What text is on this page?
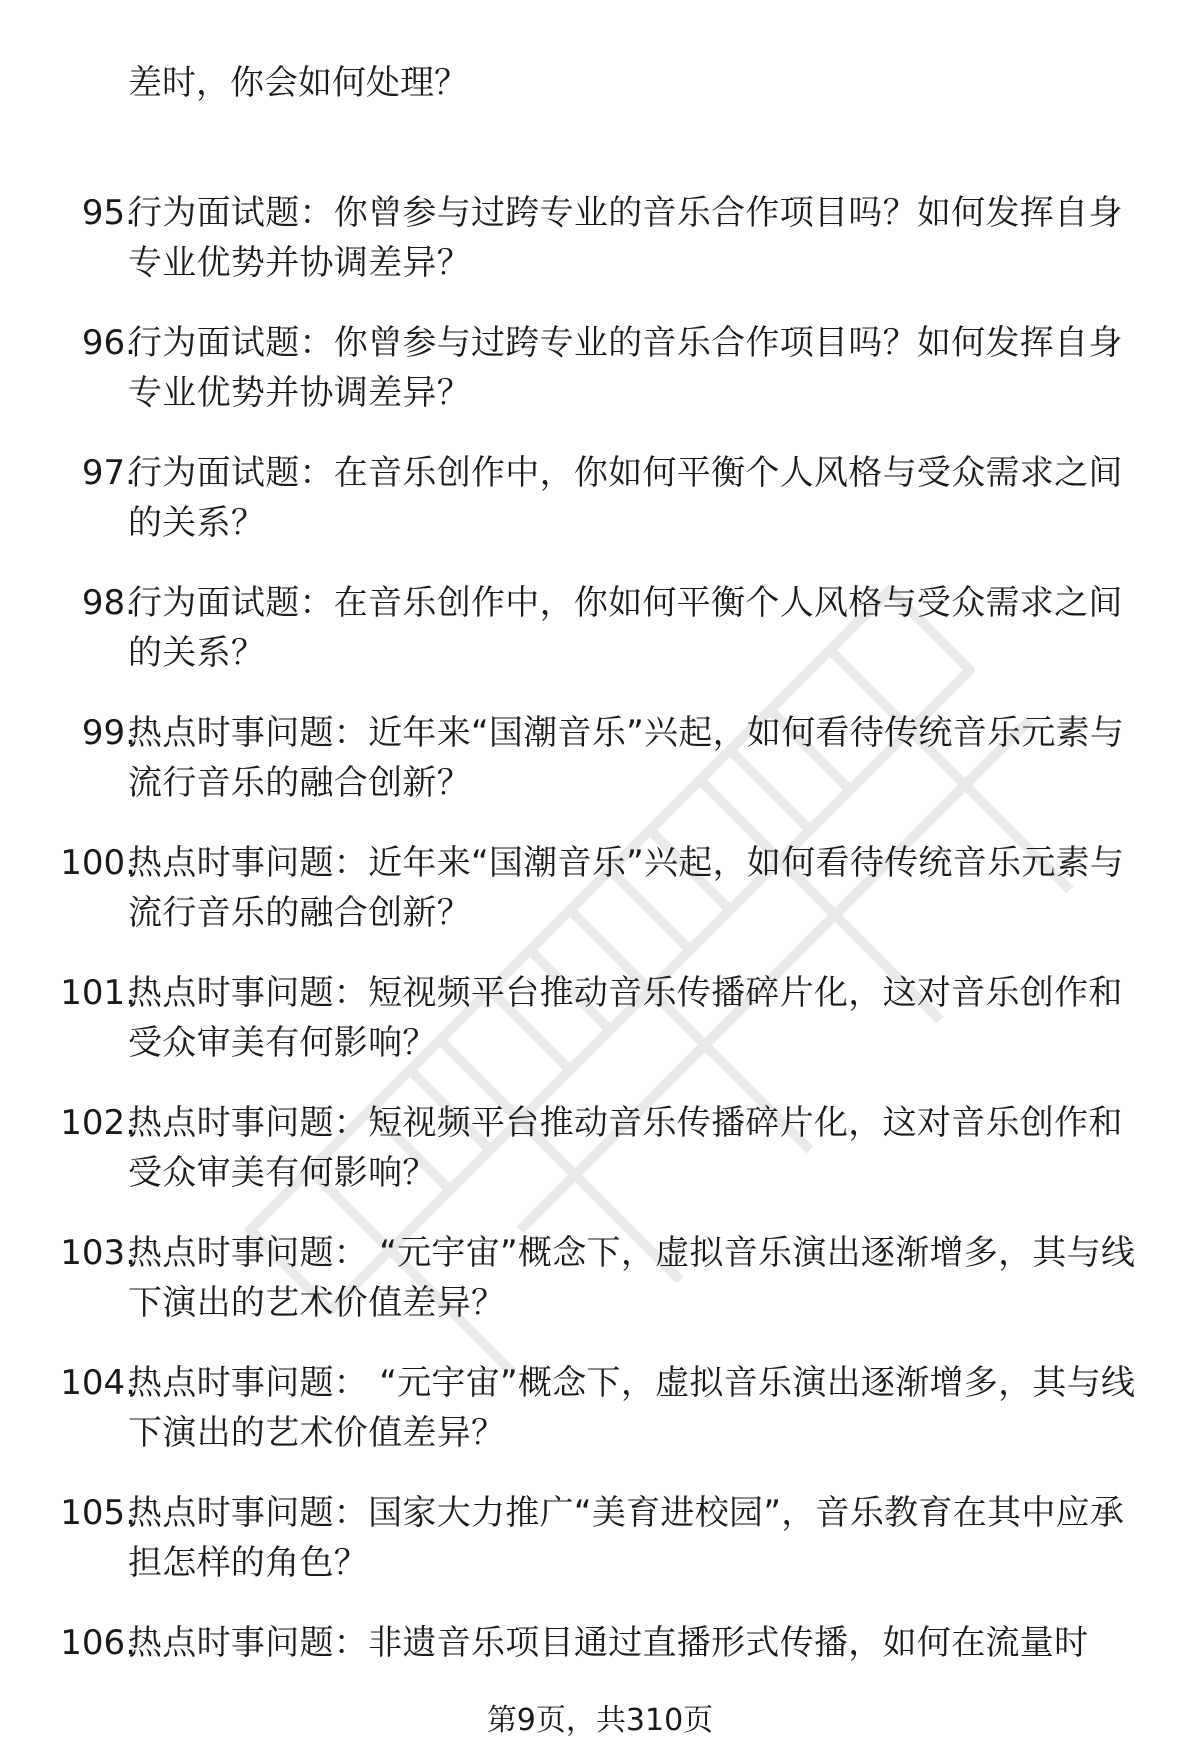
差时，你会如何处理？
95.
行为面试题：你曾参与过跨专业的音乐合作项目吗？如何发挥自身专业优势并协调差异？
96.
行为面试题：你曾参与过跨专业的音乐合作项目吗？如何发挥自身专业优势并协调差异？
97.
行为面试题：在音乐创作中，你如何平衡个人风格与受众需求之间的关系？
98.
行为面试题：在音乐创作中，你如何平衡个人风格与受众需求之间的关系？
99.
热点时事问题：近年来“国潮音乐”兴起，如何看待传统音乐元素与流行音乐的融合创新？
100.
热点时事问题：近年来“国潮音乐”兴起，如何看待传统音乐元素与流行音乐的融合创新？
101.
热点时事问题：短视频平台推动音乐传播碎片化，这对音乐创作和受众审美有何影响？
102.
热点时事问题：短视频平台推动音乐传播碎片化，这对音乐创作和受众审美有何影响？
103.
热点时事问题： “元宇宙”概念下，虚拟音乐演出逐渐增多，其与线下演出的艺术价值差异？
104.
热点时事问题： “元宇宙”概念下，虚拟音乐演出逐渐增多，其与线下演出的艺术价值差异？
105.
热点时事问题：国家大力推广“美育进校园”，音乐教育在其中应承担怎样的角色？
106.
热点时事问题：非遗音乐项目通过直播形式传播，如何在流量时
第9页，共310页
